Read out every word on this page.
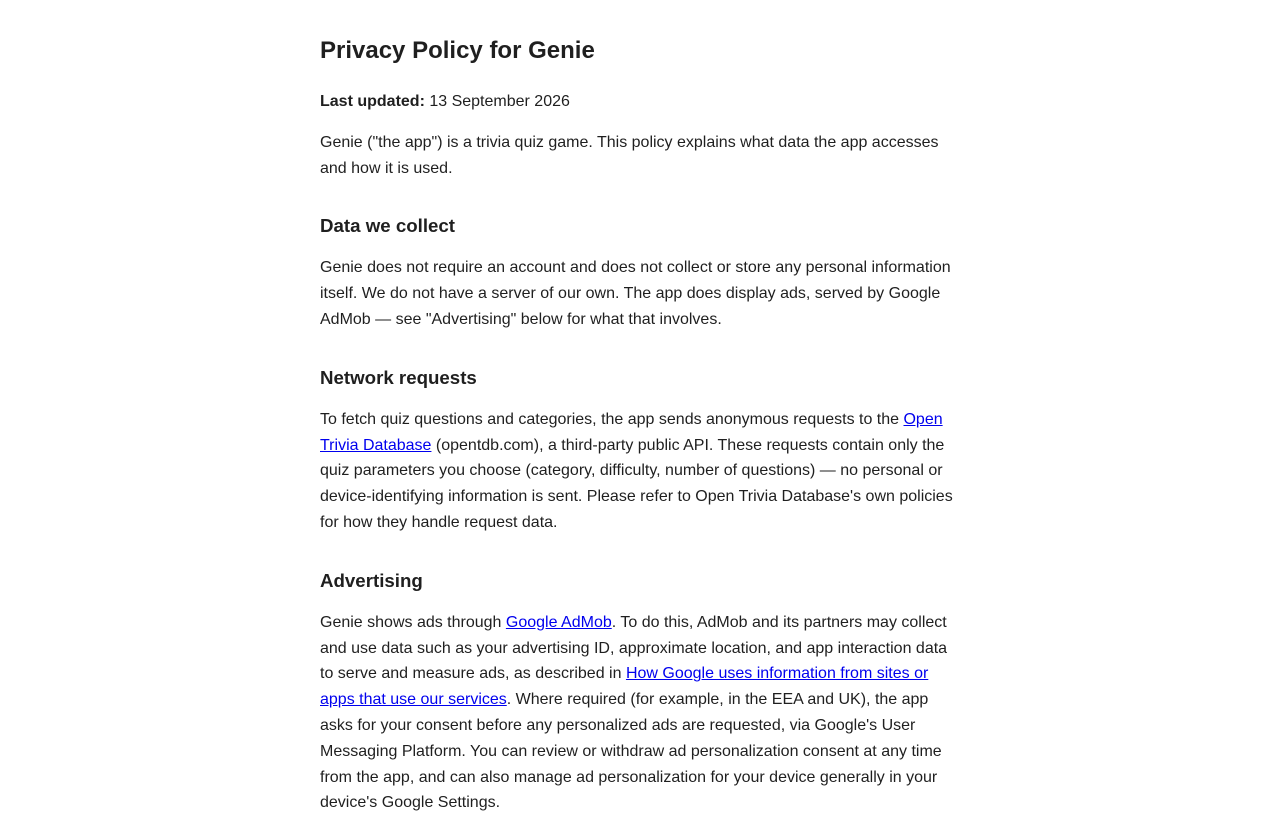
Privacy Policy for Genie

Last updated: 13 September 2026

Genie ("the app") is a trivia quiz game. This policy explains what data the app accesses and how it is used.

Data we collect

Genie does not require an account and does not collect or store any personal information itself. We do not have a server of our own. The app does display ads, served by Google AdMob — see "Advertising" below for what that involves.

Network requests

To fetch quiz questions and categories, the app sends anonymous requests to the Open Trivia Database (opentdb.com), a third-party public API. These requests contain only the quiz parameters you choose (category, difficulty, number of questions) — no personal or device-identifying information is sent. Please refer to Open Trivia Database's own policies for how they handle request data.

Advertising

Genie shows ads through Google AdMob. To do this, AdMob and its partners may collect and use data such as your advertising ID, approximate location, and app interaction data to serve and measure ads, as described in How Google uses information from sites or apps that use our services. Where required (for example, in the EEA and UK), the app asks for your consent before any personalized ads are requested, via Google's User Messaging Platform. You can review or withdraw ad personalization consent at any time from the app, and can also manage ad personalization for your device generally in your device's Google Settings.
